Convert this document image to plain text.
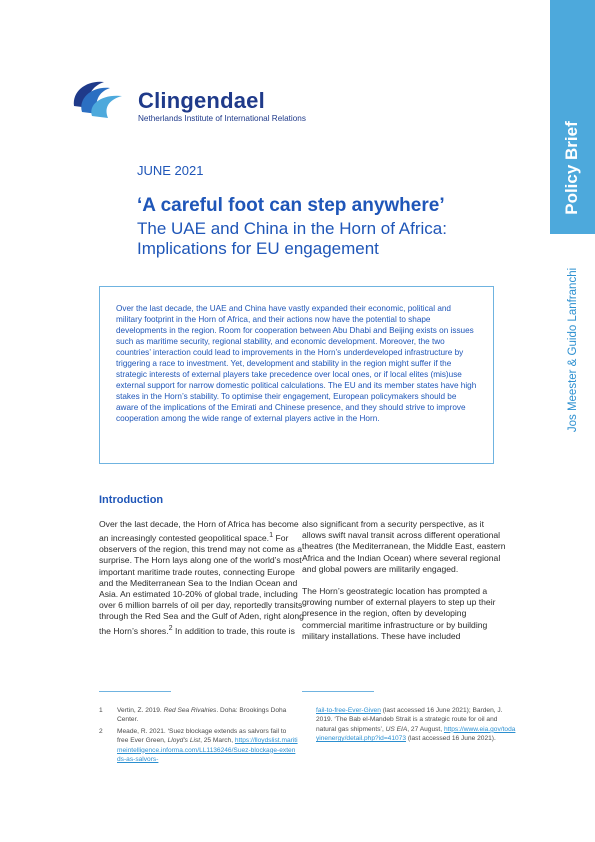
Clingendael
Netherlands Institute of International Relations
Policy Brief
Jos Meester & Guido Lanfranchi
JUNE 2021
‘A careful foot can step anywhere’
The UAE and China in the Horn of Africa: Implications for EU engagement

Over the last decade, the UAE and China have vastly expanded their economic, political and military footprint in the Horn of Africa, and their actions now have the potential to shape developments in the region. Room for cooperation between Abu Dhabi and Beijing exists on issues such as maritime security, regional stability, and economic development. Moreover, the two countries’ interaction could lead to improvements in the Horn’s underdeveloped infrastructure by triggering a race to investment. Yet, development and stability in the region might suffer if the strategic interests of external players take precedence over local ones, or if local elites (mis)use external support for narrow domestic political calculations. The EU and its member states have high stakes in the Horn’s stability. To optimise their engagement, European policymakers should be aware of the implications of the Emirati and Chinese presence, and they should strive to improve cooperation among the wide range of external players active in the Horn.

Introduction

Over the last decade, the Horn of Africa has become an increasingly contested geopolitical space.$^1$ For observers of the region, this trend may not come as a surprise. The Horn lays along one of the world’s most important maritime trade routes, connecting Europe and the Mediterranean Sea to the Indian Ocean and Asia. An estimated 10-20% of global trade, including over 6 million barrels of oil per day, reportedly transits through the Red Sea and the Gulf of Aden, right along the Horn’s shores.$^2$ In addition to trade, this route is

also significant from a security perspective, as it allows swift naval transit across different operational theatres (the Mediterranean, the Middle East, eastern Africa and the Indian Ocean) where several regional and global powers are militarily engaged.

The Horn’s geostrategic location has prompted a growing number of external players to step up their presence in the region, often by developing commercial maritime infrastructure or by building military installations. These have included

1	Vertin, Z. 2019. Red Sea Rivalries. Doha: Brookings Doha Center.
2	Meade, R. 2021. ‘Suez blockage extends as salvors fail to free Ever Green, Lloyd’s List, 25 March, https://lloydslist.maritimeintelligence.informa.com/LL1136246/Suez-blockage-extends-as-salvors-
fail-to-free-Ever-Given (last accessed 16 June 2021); Barden, J. 2019. ‘The Bab el-Mandeb Strait is a strategic route for oil and natural gas shipments’, US EIA, 27 August, https://www.eia.gov/todayinenergy/detail.php?id=41073 (last accessed 16 June 2021).
